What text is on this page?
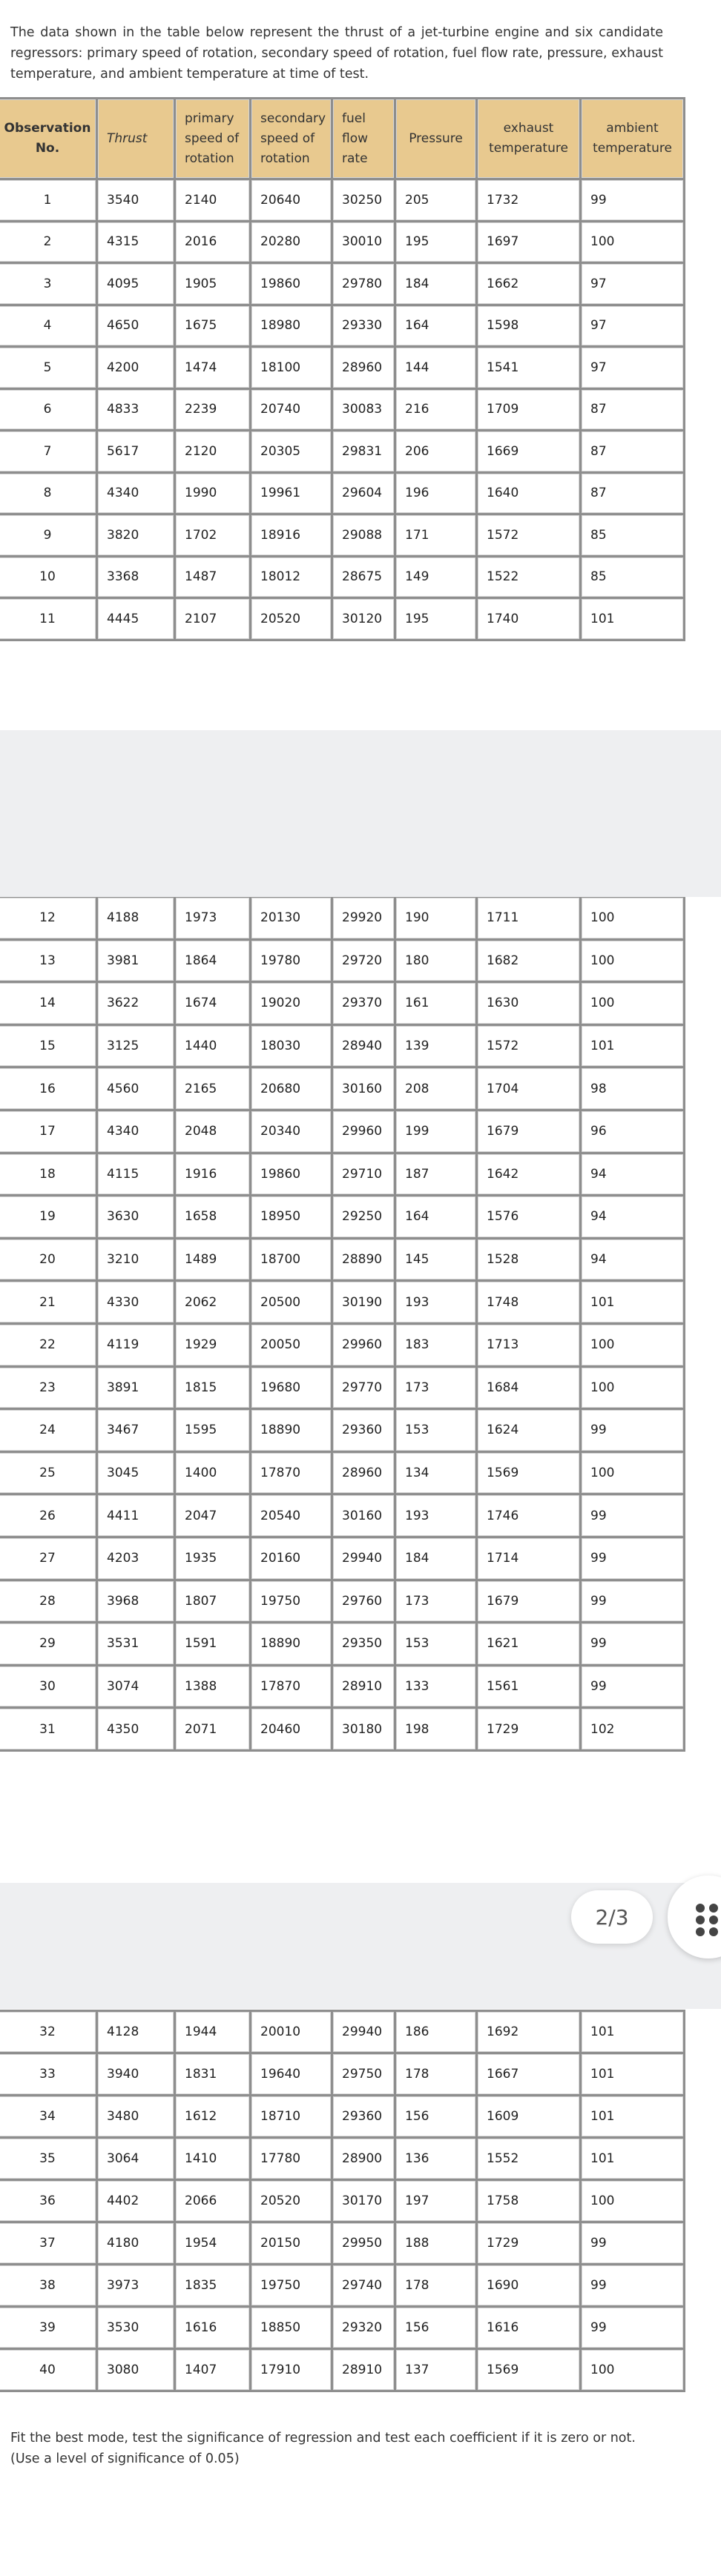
The data shown in the table below represent the thrust of a jet-turbine engine and six candidate regressors: primary speed of rotation, secondary speed of rotation, fuel flow rate, pressure, exhaust temperature, and ambient temperature at time of test.
Observation No.	Thrust	primary speed of rotation	secondary speed of rotation	fuel flow rate	Pressure	exhaust temperature	ambient temperature
1	3540	2140	20640	30250	205	1732	99
2	4315	2016	20280	30010	195	1697	100
3	4095	1905	19860	29780	184	1662	97
4	4650	1675	18980	29330	164	1598	97
5	4200	1474	18100	28960	144	1541	97
6	4833	2239	20740	30083	216	1709	87
7	5617	2120	20305	29831	206	1669	87
8	4340	1990	19961	29604	196	1640	87
9	3820	1702	18916	29088	171	1572	85
10	3368	1487	18012	28675	149	1522	85
11	4445	2107	20520	30120	195	1740	101
12	4188	1973	20130	29920	190	1711	100
13	3981	1864	19780	29720	180	1682	100
14	3622	1674	19020	29370	161	1630	100
15	3125	1440	18030	28940	139	1572	101
16	4560	2165	20680	30160	208	1704	98
17	4340	2048	20340	29960	199	1679	96
18	4115	1916	19860	29710	187	1642	94
19	3630	1658	18950	29250	164	1576	94
20	3210	1489	18700	28890	145	1528	94
21	4330	2062	20500	30190	193	1748	101
22	4119	1929	20050	29960	183	1713	100
23	3891	1815	19680	29770	173	1684	100
24	3467	1595	18890	29360	153	1624	99
25	3045	1400	17870	28960	134	1569	100
26	4411	2047	20540	30160	193	1746	99
27	4203	1935	20160	29940	184	1714	99
28	3968	1807	19750	29760	173	1679	99
29	3531	1591	18890	29350	153	1621	99
30	3074	1388	17870	28910	133	1561	99
31	4350	2071	20460	30180	198	1729	102
32	4128	1944	20010	29940	186	1692	101
33	3940	1831	19640	29750	178	1667	101
34	3480	1612	18710	29360	156	1609	101
35	3064	1410	17780	28900	136	1552	101
36	4402	2066	20520	30170	197	1758	100
37	4180	1954	20150	29950	188	1729	99
38	3973	1835	19750	29740	178	1690	99
39	3530	1616	18850	29320	156	1616	99
40	3080	1407	17910	28910	137	1569	100
2/3
Fit the best mode, test the significance of regression and test each coefficient if it is zero or not. (Use a level of significance of 0.05)
